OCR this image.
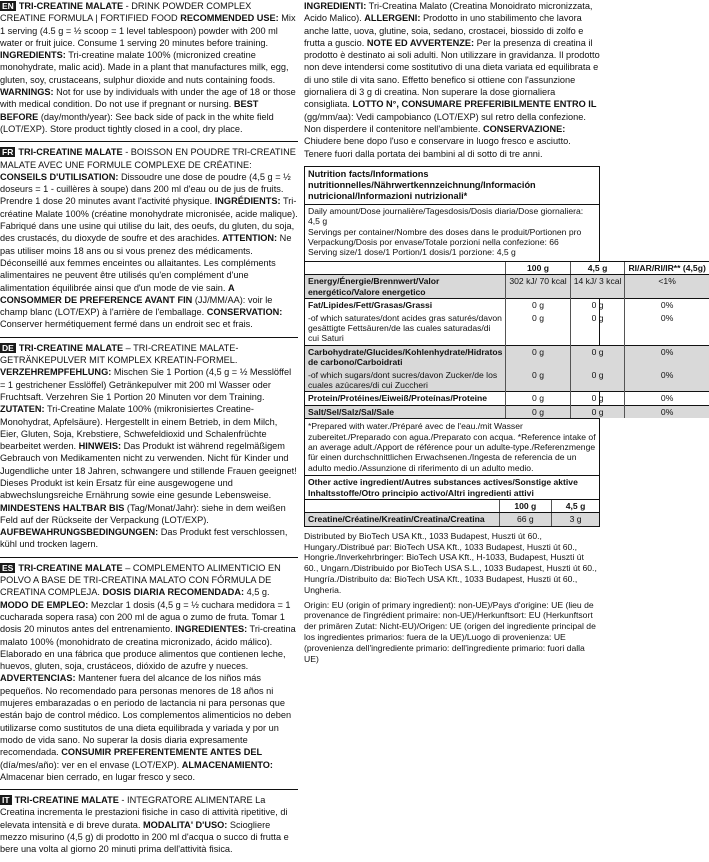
EN TRI-CREATINE MALATE - DRINK POWDER COMPLEX CREATINE FORMULA | FORTIFIED FOOD RECOMMENDED USE: Mix 1 serving (4.5 g = ½ scoop = 1 level tablespoon) powder with 200 ml water or fruit juice. Consume 1 serving 20 minutes before training. INGREDIENTS: Tri-creatine malate 100% (micronized creatine monohydrate, malic acid). Made in a plant that manufactures milk, egg, gluten, soy, crustaceans, sulphur dioxide and nuts containing foods. WARNINGS: Not for use by individuals with under the age of 18 or those with medical condition. Do not use if pregnant or nursing. BEST BEFORE (day/month/year): See back side of pack in the white field (LOT/EXP). Store product tightly closed in a cool, dry place.
FR TRI-CREATINE MALATE - BOISSON EN POUDRE TRI-CREATINE MALATE AVEC UNE FORMULE COMPLEXE DE CRÉATINE: CONSEILS D'UTILISATION: Dissoudre une dose de poudre (4,5 g = ½ doseurs = 1 - cuillères à soupe) dans 200 ml d'eau ou de jus de fruits. Prendre 1 dose 20 minutes avant l'activité physique. INGRÉDIENTS: Tri-créatine Malate 100% (créatine monohydrate micronisée, acide malique). Fabriqué dans une usine qui utilise du lait, des oeufs, du gluten, du soja, des crustacés, du dioxyde de soufre et des arachides. ATTENTION: Ne pas utiliser moins 18 ans ou si vous prenez des médicaments. Déconseillé aux femmes enceintes ou allaitantes. Les compléments alimentaires ne peuvent être utilisés qu'en complément d'une alimentation équilibrée ainsi que d'un mode de vie sain. A CONSOMMER DE PREFERENCE AVANT FIN (JJ/MM/AA): voir le champ blanc (LOT/EXP) à l'arrière de l'emballage. CONSERVATION: Conserver hermétiquement fermé dans un endroit sec et frais.
DE TRI-CREATINE MALATE – TRI-CREATINE MALATE-GETRÄNKEPULVER MIT KOMPLEX KREATIN-FORMEL. VERZEHREMPFEHLUNG: Mischen Sie 1 Portion (4,5 g = ½ Messlöffel = 1 gestrichener Esslöffel) Getränkepulver mit 200 ml Wasser oder Fruchtsaft. Verzehren Sie 1 Portion 20 Minuten vor dem Training. ZUTATEN: Tri-Creatine Malate 100% (mikronisiertes Creatine-Monohydrat, Apfelsäure). Hergestellt in einem Betrieb, in dem Milch, Eier, Gluten, Soja, Krebstiere, Schwefeldioxid und Schalenfrüchte bearbeitet werden. HINWEIS: Das Produkt ist während regelmäßigem Gebrauch von Medikamenten nicht zu verwenden. Nicht für Kinder und Jugendliche unter 18 Jahren, schwangere und stillende Frauen geeignet! Dieses Produkt ist kein Ersatz für eine ausgewogene und abwechslungsreiche Ernährung sowie eine gesunde Lebensweise. MINDESTENS HALTBAR BIS (Tag/Monat/Jahr): siehe in dem weißen Feld auf der Rückseite der Verpackung (LOT/EXP). AUFBEWAHRUNGSBEDINGUNGEN: Das Produkt fest verschlossen, kühl und trocken lagern.
ES TRI-CREATINE MALATE – COMPLEMENTO ALIMENTICIO EN POLVO A BASE DE TRI-CREATINA MALATO CON FÓRMULA DE CREATINA COMPLEJA. DOSIS DIARIA RECOMENDADA: 4,5 g. MODO DE EMPLEO: Mezclar 1 dosis (4,5 g = ½ cuchara medidora = 1 cucharada sopera rasa) con 200 ml de agua o zumo de fruta. Tomar 1 dosis 20 minutos antes del entrenamiento. INGREDIENTES: Tri-creatina malato 100% (monohidrato de creatina micronizado, ácido málico). Elaborado en una fábrica que produce alimentos que contienen leche, huevos, gluten, soja, crustáceos, dióxido de azufre y nueces. ADVERTENCIAS: Mantener fuera del alcance de los niños más pequeños. No recomendado para personas menores de 18 años ni mujeres embarazadas o en periodo de lactancia ni para personas que están bajo de control médico. Los complementos alimenticios no deben utilizarse como sustitutos de una dieta equilibrada y variada y por un modo de vida sano. No superar la dosis diaria expresamente recomendada. CONSUMIR PREFERENTEMENTE ANTES DEL (día/mes/año): ver en el envase (LOT/EXP). ALMACENAMIENTO: Almacenar bien cerrado, en lugar fresco y seco.
IT TRI-CREATINE MALATE - INTEGRATORE ALIMENTARE La Creatina incrementa le prestazioni fisiche in caso di attività ripetitive, di elevata intensità e di breve durata. MODALITA' D'USO: Sciogliere mezzo misurino (4,5 g) di prodotto in 200 ml d'acqua o succo di frutta e bere una volta al giorno 20 minuti prima dell'attività fisica.
INGREDIENTI: Tri-Creatina Malato (Creatina Monoidrato micronizzata, Acido Malico). ALLERGENI: Prodotto in uno stabilimento che lavora anche latte, uova, glutine, soia, sedano, crostacei, biossido di zolfo e frutta a guscio. NOTE ED AVVERTENZE: Per la presenza di creatina il prodotto è destinato ai soli adulti. Non utilizzare in gravidanza. Il prodotto non deve intendersi come sostitutivo di una dieta variata ed equilibrata e di uno stile di vita sano. Effetto benefico si ottiene con l'assunzione giornaliera di 3 g di creatina. Non superare la dose giornaliera consigliata. LOTTO N°, CONSUMARE PREFERIBILMENTE ENTRO IL (gg/mm/aa): Vedi campobianco (LOT/EXP) sul retro della confezione. Non disperdere il contenitore nell'ambiente. CONSERVAZIONE: Chiudere bene dopo l'uso e conservare in luogo fresco e asciutto. Tenere fuori dalla portata dei bambini al di sotto di tre anni.
Nutrition facts/Informations nutritionnelles/Nährwertkennzeichnung/Información nutricional/Informazioni nutrizionali*
Daily amount/Dose journalière/Tagesdosis/Dosis diaria/Dose giornaliera: 4,5 g
Servings per container/Nombre des doses dans le produit/Portionen pro Verpackung/Dosis por envase/Totale porzioni nella confezione: 66
Serving size/1 dose/1 Portion/1 dosis/1 porzione: 4,5 g
	100 g	4,5 g	RI/AR/RI/IR** (4,5g)
Energy/Énergie/Brennwert/Valor energético/Valore energetico	302 kJ/ 70 kcal	14 kJ/ 3 kcal	<1%
Fat/Lipides/Fett/Grasas/Grassi	0 g	0 g	0%
-of which saturates/dont acides gras saturés/davon gesättigte Fettsäuren/de las cuales saturadas/di cui Saturi	0 g	0 g	0%
Carbohydrate/Glucides/Kohlenhydrate/Hidratos de carbono/Carboidrati	0 g	0 g	0%
-of which sugars/dont sucres/davon Zucker/de los cuales azúcares/di cui Zuccheri	0 g	0 g	0%
Protein/Protéines/Eiweiß/Proteínas/Proteine	0 g	0 g	0%
Salt/Sel/Salz/Sal/Sale	0 g	0 g	0%
*Prepared with water./Préparé avec de l'eau./mit Wasser zubereitet./Preparado con agua./Preparato con acqua. *Reference intake of an average adult./Apport de référence pour un adulte-type./Referenzmenge für einen durchschnittlichen Erwachsenen./Ingesta de referencia de un adulto medio./Assunzione di riferimento di un adulto medio.
Other active ingredient/Autres substances actives/Sonstige aktive Inhaltsstoffe/Otro principio activo/Altri ingredienti attivi		
	100 g	4,5 g
Creatine/Créatine/Kreatin/Creatina/Creatina	66 g	3 g
Distributed by BioTech USA Kft., 1033 Budapest, Huszti út 60., Hungary./Distribué par: BioTech USA Kft., 1033 Budapest, Huszti út 60., Hongrie./Inverkehrbringer: BioTech USA Kft., H-1033, Budapest, Huszti út 60., Ungarn./Distribuido por BioTech USA S.L., 1033 Budapest, Huszti út 60., Hungría./Distribuito da: BioTech USA Kft., 1033 Budapest, Huszti út 60., Ungheria.
Origin: EU (origin of primary ingredient): non-UE)/Pays d'origine: UE (lieu de provenance de l'ingrédient primaire: non-UE)/Herkunftsort: EU (Herkunftsort der primären Zutat: Nicht-EU)/Origen: UE (origen del ingrediente principal de los ingredientes primarios: fuera de la UE)/Luogo di provenienza: UE (provenienza dell'ingrediente primario: dell'ingrediente primario: fuori dalla UE)
